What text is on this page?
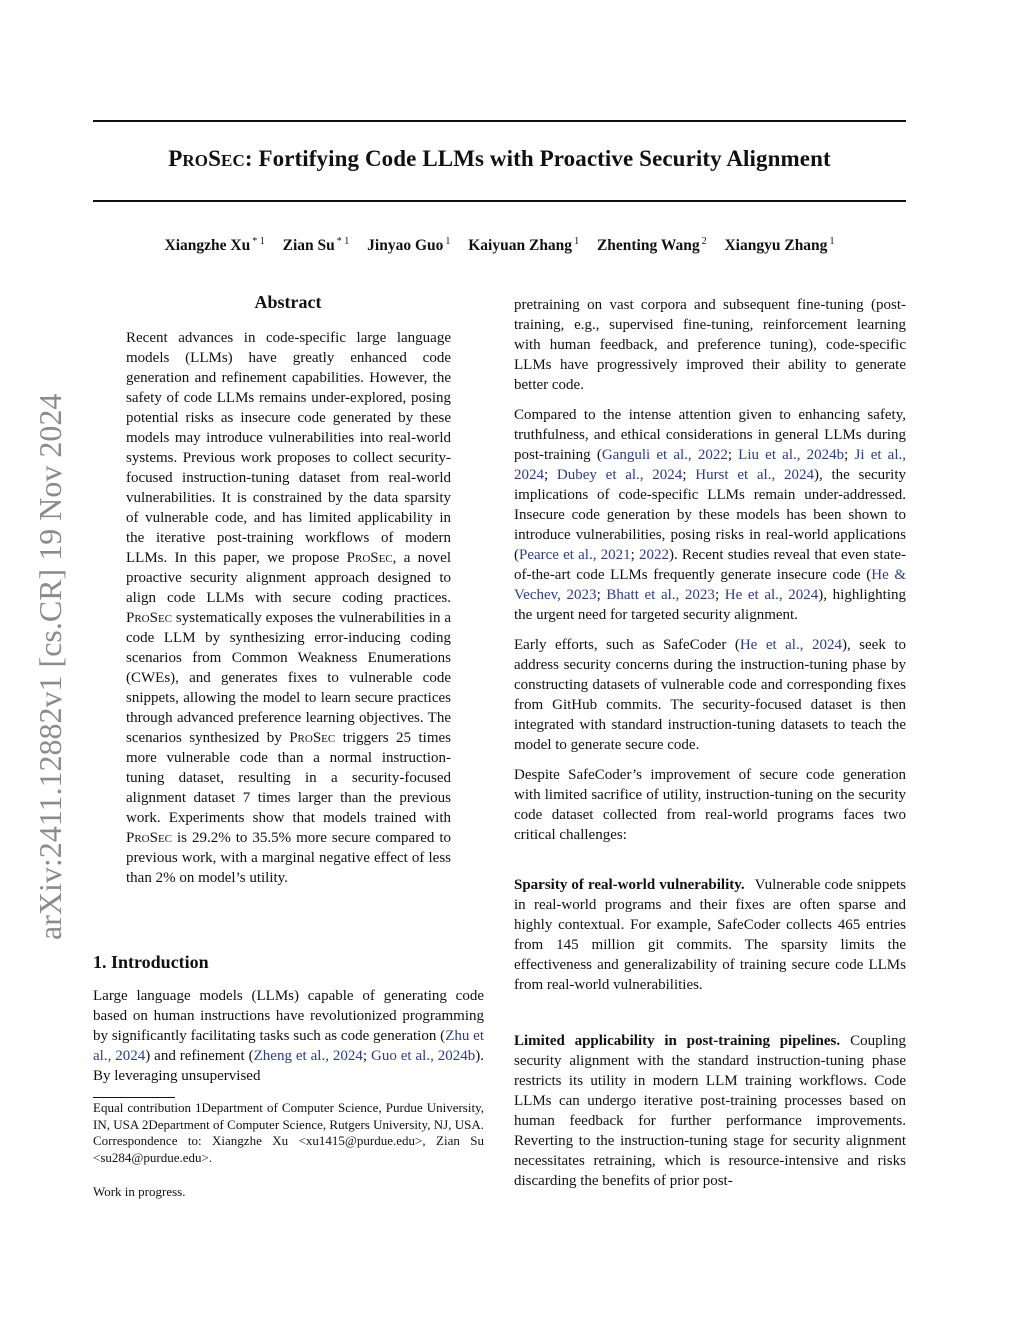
PROSEC: Fortifying Code LLMs with Proactive Security Alignment
Xiangzhe Xu $^{* 1}$ Zian Su $^{* 1}$ Jinyao Guo $^1$ Kaiyuan Zhang $^1$ Zhenting Wang $^2$ Xiangyu Zhang $^1$
arXiv:2411.12882v1 [cs.CR] 19 Nov 2024
Abstract
Recent advances in code-specific large language models (LLMs) have greatly enhanced code generation and refinement capabilities. However, the safety of code LLMs remains under-explored, posing potential risks as insecure code generated by these models may introduce vulnerabilities into real-world systems. Previous work proposes to collect security-focused instruction-tuning dataset from real-world vulnerabilities. It is constrained by the data sparsity of vulnerable code, and has limited applicability in the iterative post-training workflows of modern LLMs. In this paper, we propose ProSec, a novel proactive security alignment approach designed to align code LLMs with secure coding practices. ProSec systematically exposes the vulnerabilities in a code LLM by synthesizing error-inducing coding scenarios from Common Weakness Enumerations (CWEs), and generates fixes to vulnerable code snippets, allowing the model to learn secure practices through advanced preference learning objectives. The scenarios synthesized by ProSec triggers 25 times more vulnerable code than a normal instruction-tuning dataset, resulting in a security-focused alignment dataset 7 times larger than the previous work. Experiments show that models trained with ProSec is 29.2% to 35.5% more secure compared to previous work, with a marginal negative effect of less than 2% on model’s utility.
1. Introduction
Large language models (LLMs) capable of generating code based on human instructions have revolutionized programming by significantly facilitating tasks such as code generation (Zhu et al., 2024) and refinement (Zheng et al., 2024; Guo et al., 2024b). By leveraging unsupervised
Equal contribution 1Department of Computer Science, Purdue University, IN, USA 2Department of Computer Science, Rutgers University, NJ, USA. Correspondence to: Xiangzhe Xu <xu1415@purdue.edu>, Zian Su <su284@purdue.edu>.
Work in progress.

pretraining on vast corpora and subsequent fine-tuning (post-training, e.g., supervised fine-tuning, reinforcement learning with human feedback, and preference tuning), code-specific LLMs have progressively improved their ability to generate better code.

Compared to the intense attention given to enhancing safety, truthfulness, and ethical considerations in general LLMs during post-training (Ganguli et al., 2022; Liu et al., 2024b; Ji et al., 2024; Dubey et al., 2024; Hurst et al., 2024), the security implications of code-specific LLMs remain under-addressed. Insecure code generation by these models has been shown to introduce vulnerabilities, posing risks in real-world applications (Pearce et al., 2021; 2022). Recent studies reveal that even state-of-the-art code LLMs frequently generate insecure code (He & Vechev, 2023; Bhatt et al., 2023; He et al., 2024), highlighting the urgent need for targeted security alignment.

Early efforts, such as SafeCoder (He et al., 2024), seek to address security concerns during the instruction-tuning phase by constructing datasets of vulnerable code and corresponding fixes from GitHub commits. The security-focused dataset is then integrated with standard instruction-tuning datasets to teach the model to generate secure code.

Despite SafeCoder’s improvement of secure code generation with limited sacrifice of utility, instruction-tuning on the security code dataset collected from real-world programs faces two critical challenges:

Sparsity of real-world vulnerability. Vulnerable code snippets in real-world programs and their fixes are often sparse and highly contextual. For example, SafeCoder collects 465 entries from 145 million git commits. The sparsity limits the effectiveness and generalizability of training secure code LLMs from real-world vulnerabilities.

Limited applicability in post-training pipelines. Coupling security alignment with the standard instruction-tuning phase restricts its utility in modern LLM training workflows. Code LLMs can undergo iterative post-training processes based on human feedback for further performance improvements. Reverting to the instruction-tuning stage for security alignment necessitates retraining, which is resource-intensive and risks discarding the benefits of prior post-
